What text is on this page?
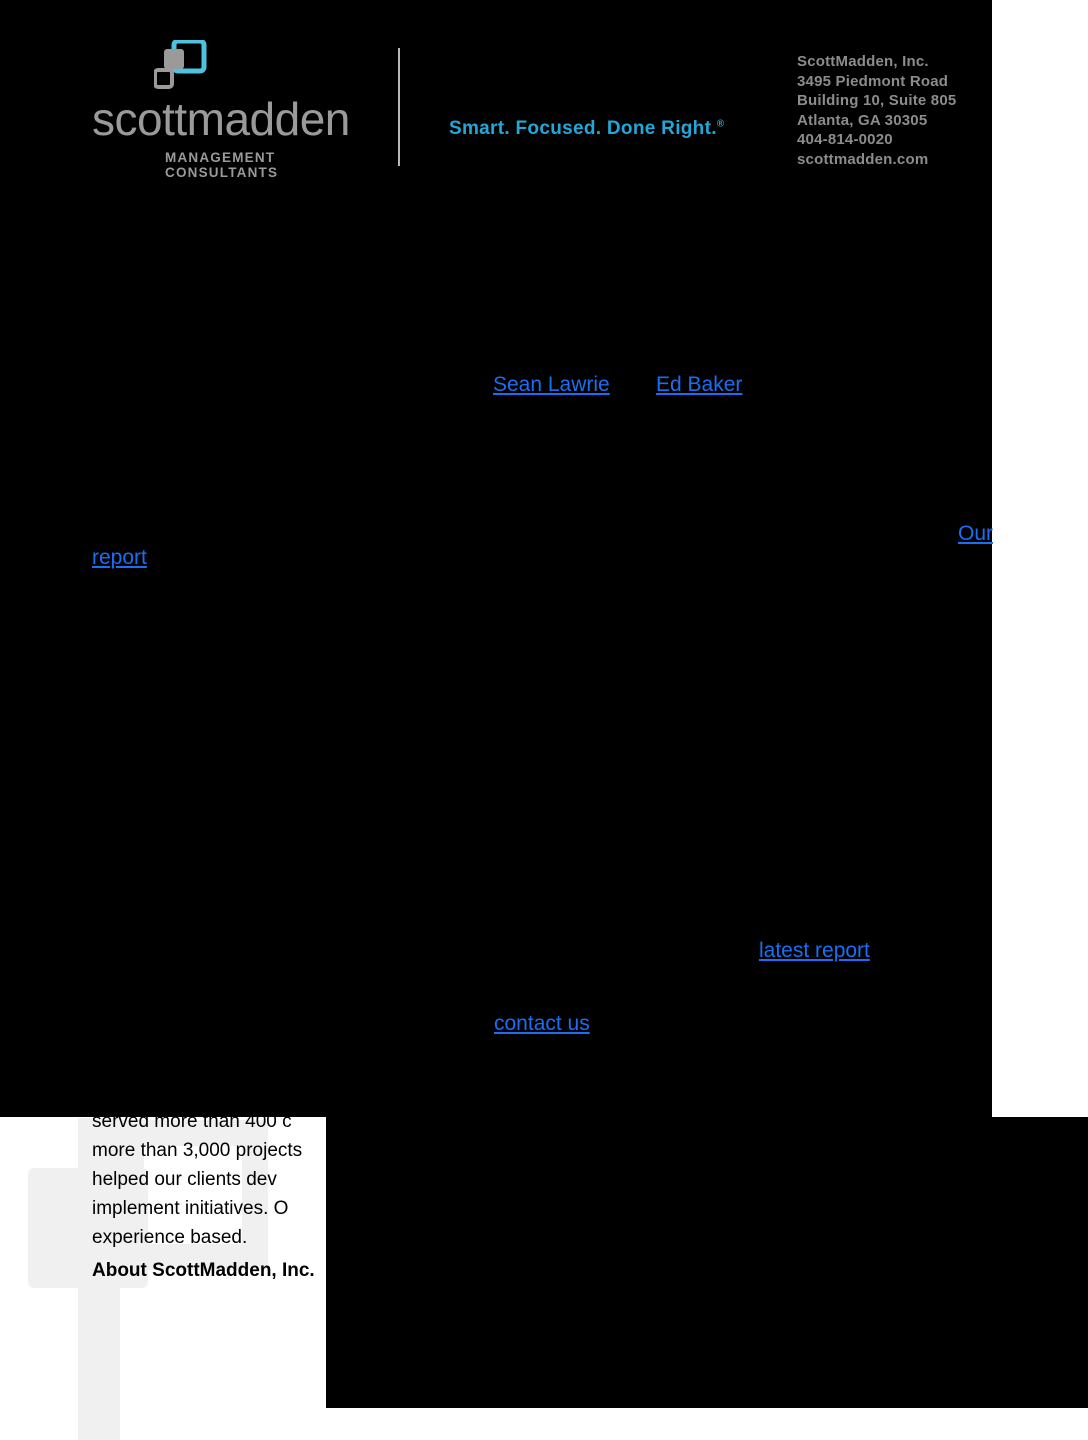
served more than 400 c
more than 3,000 projects
helped our clients dev
implement initiatives. O
experience based.
About ScottMadden, Inc.
Sean Lawrie Ed Baker
Our
report
latest report
contact us
scottmadden
MANAGEMENT CONSULTANTS
Smart. Focused. Done Right.®
ScottMadden, Inc.
3495 Piedmont Road
Building 10, Suite 805
Atlanta, GA 30305
404-814-0020
scottmadden.com
